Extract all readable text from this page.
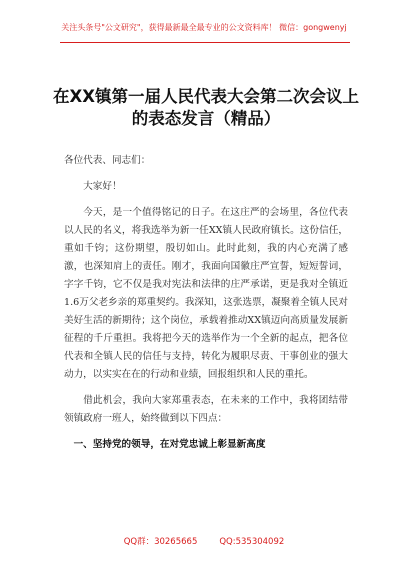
关注头条号"公文研究"，获得最新最全最专业的公文资料库！ 微信：gongwenyj
在XX镇第一届人民代表大会第二次会议上的表态发言（精品）

各位代表、同志们：

大家好！

今天，是一个值得铭记的日子。在这庄严的会场里，各位代表以人民的名义，将我选举为新一任XX镇人民政府镇长。这份信任，重如千钧；这份期望，殷切如山。此时此刻，我的内心充满了感激，也深知肩上的责任。刚才，我面向国徽庄严宣誓，短短誓词，字字千钧，它不仅是我对宪法和法律的庄严承诺，更是我对全镇近1.6万父老乡亲的郑重契约。我深知，这张选票，凝聚着全镇人民对美好生活的新期待；这个岗位，承载着推动XX镇迈向高质量发展新征程的千斤重担。我将把今天的选举作为一个全新的起点，把各位代表和全镇人民的信任与支持，转化为履职尽责、干事创业的强大动力，以实实在在的行动和业绩，回报组织和人民的重托。

借此机会，我向大家郑重表态，在未来的工作中，我将团结带领镇政府一班人，始终做到以下四点：

一、坚持党的领导，在对党忠诚上彰显新高度

QQ群：30265665	QQ:535304092
